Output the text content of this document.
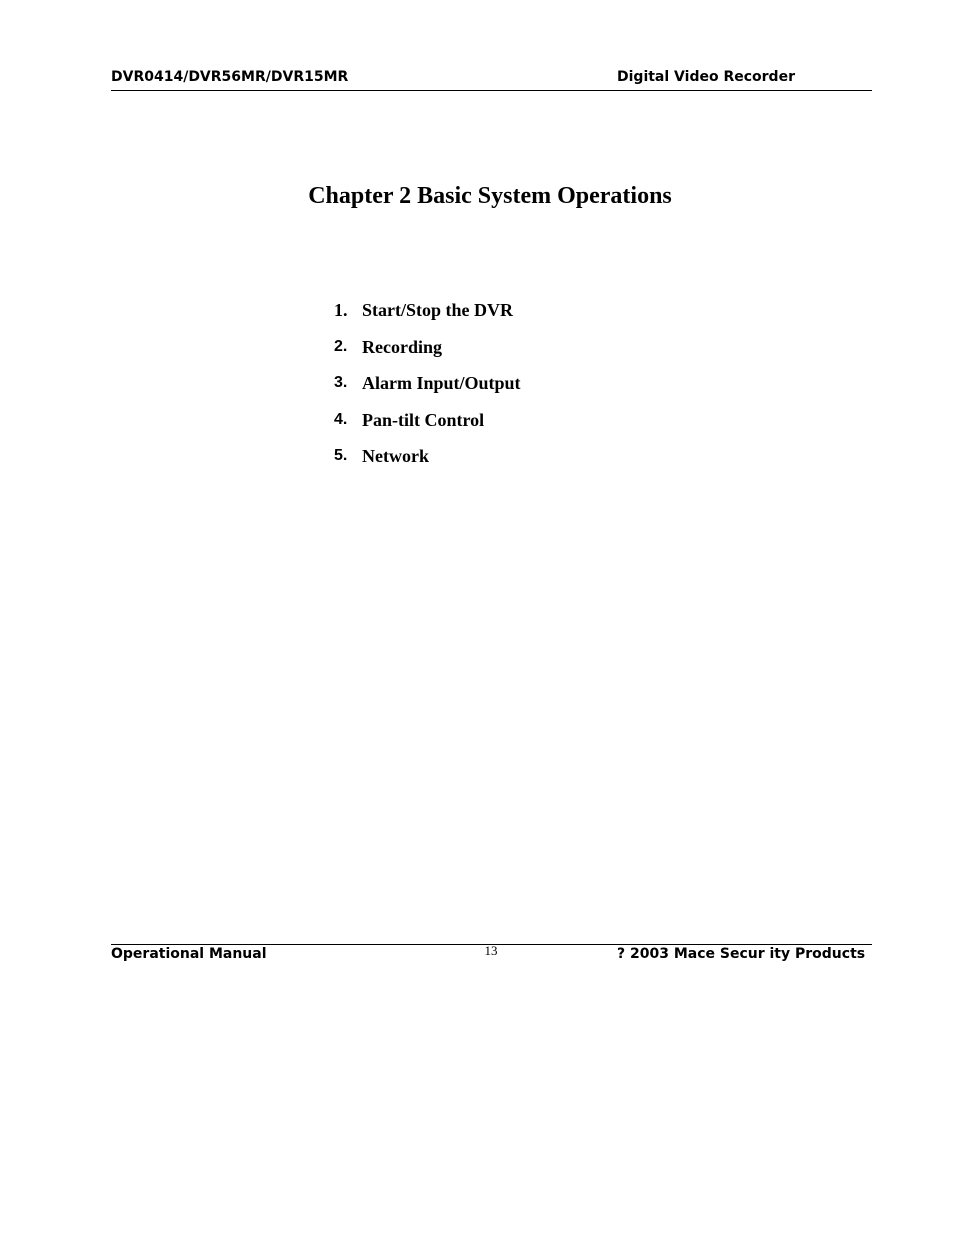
DVR0414/DVR56MR/DVR15MR	Digital Video Recorder
Chapter 2 Basic System Operations
1. Start/Stop the DVR
2. Recording
3. Alarm Input/Output
4. Pan-tilt Control
5. Network
Operational Manual	13	? 2003 Mace Secur ity Products
